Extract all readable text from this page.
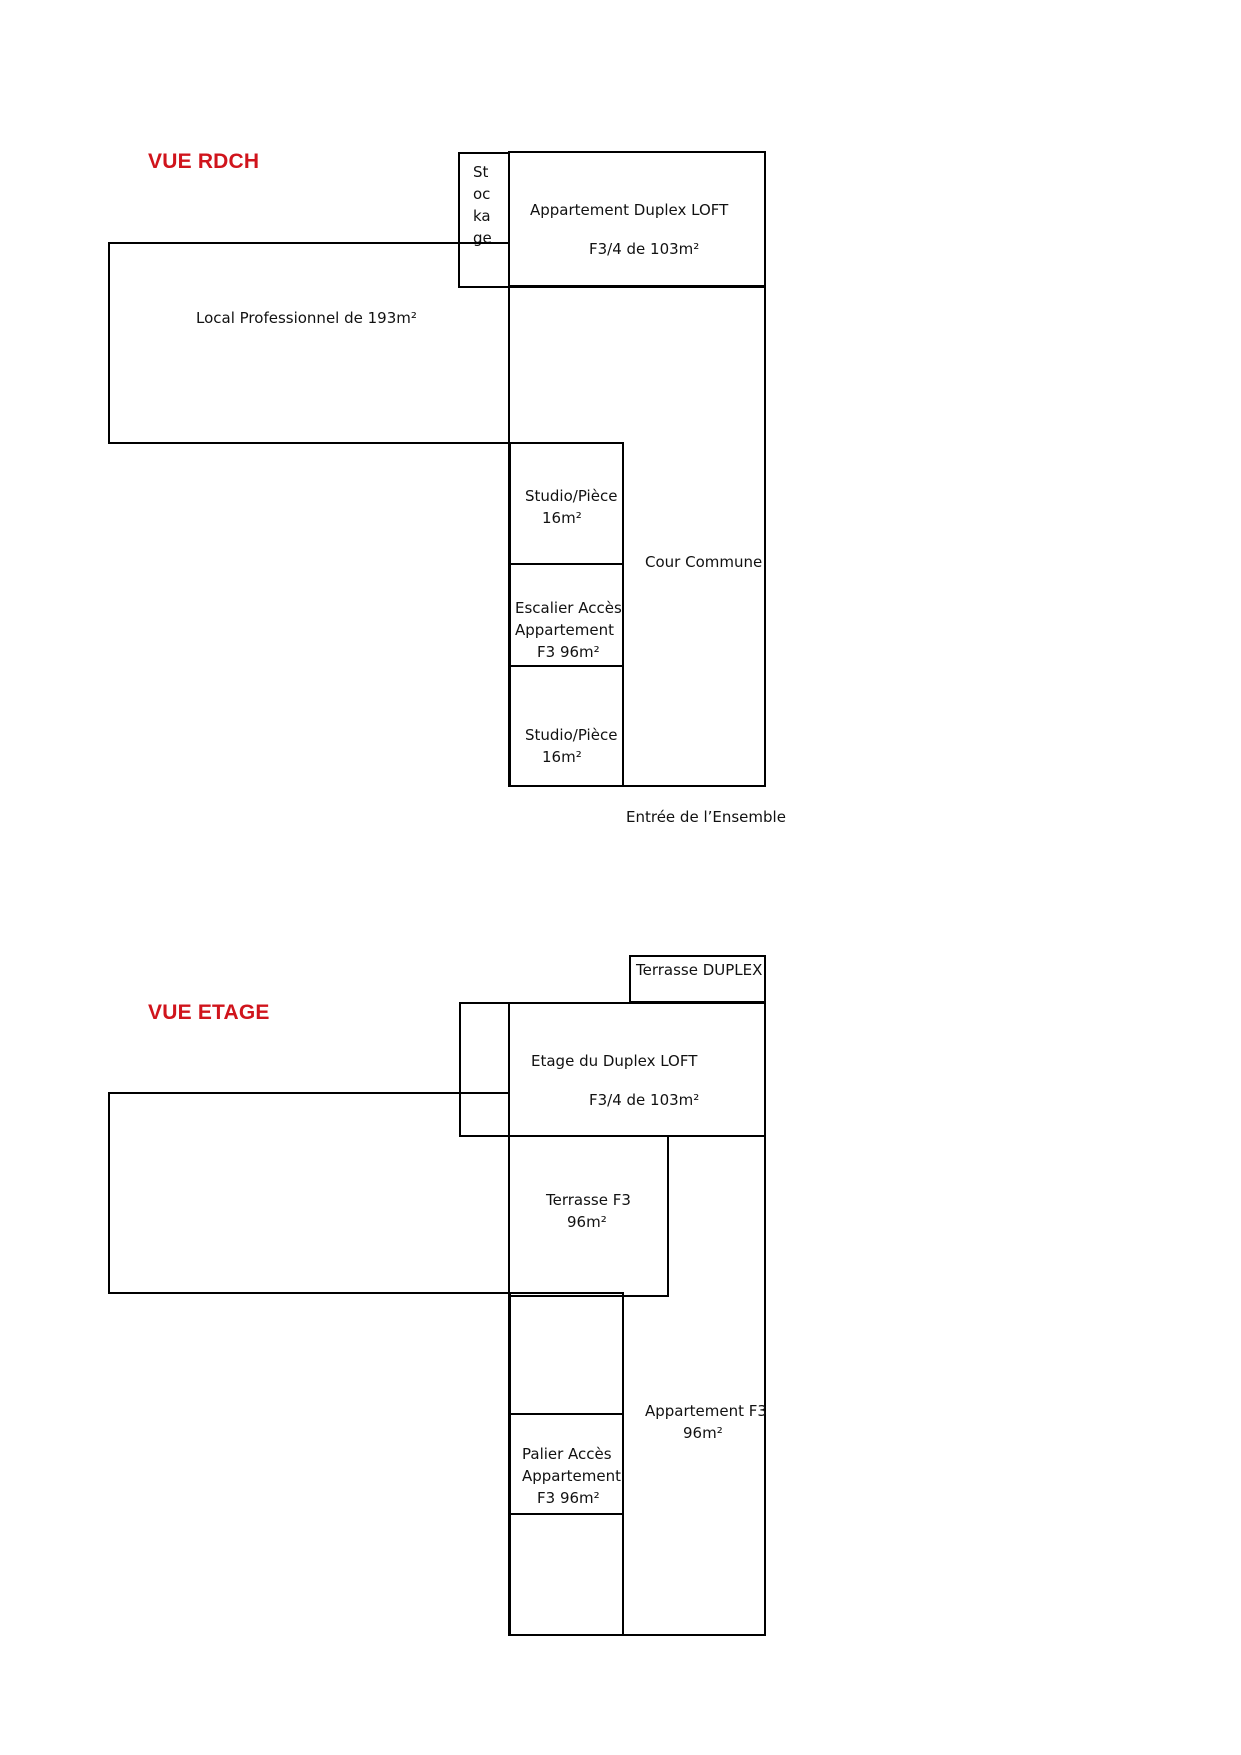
VUE RDCH	St
oc
ka
ge
Appartement Duplex LOFT
F3/4 de 103m²
Local Professionnel de 193m²
Cour Commune
Studio/Pièce
16m²
Escalier Accès
Appartement
F3 96m²
Studio/Pièce
16m²
Entrée de l’Ensemble
VUE ETAGE
Terrasse DUPLEX
Etage du Duplex LOFT
F3/4 de 103m²
Appartement F3
96m²
Terrasse F3
96m²
Palier Accès
Appartement
F3 96m²
